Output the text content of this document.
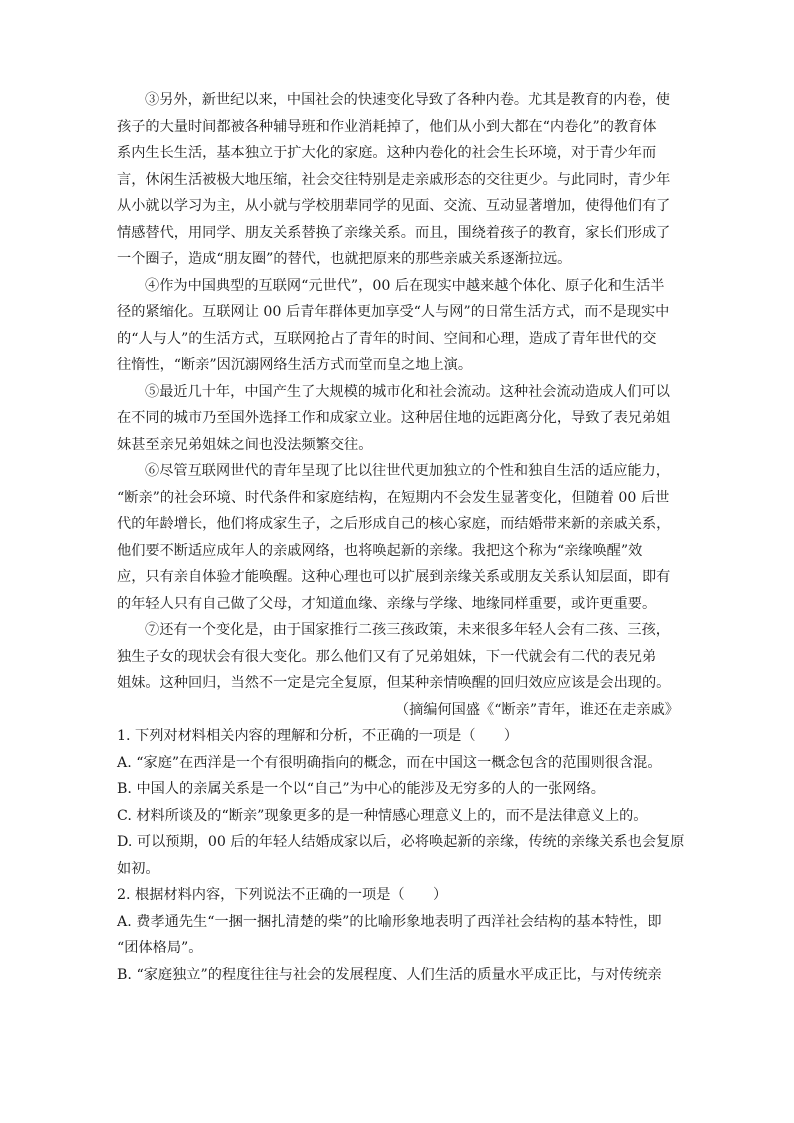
③另外，新世纪以来，中国社会的快速变化导致了各种内卷。尤其是教育的内卷，使
孩子的大量时间都被各种辅导班和作业消耗掉了，他们从小到大都在“内卷化”的教育体
系内生长生活，基本独立于扩大化的家庭。这种内卷化的社会生长环境，对于青少年而
言，休闲生活被极大地压缩，社会交往特别是走亲戚形态的交往更少。与此同时，青少年
从小就以学习为主，从小就与学校朋辈同学的见面、交流、互动显著增加，使得他们有了
情感替代，用同学、朋友关系替换了亲缘关系。而且，围绕着孩子的教育，家长们形成了
一个圈子，造成“朋友圈”的替代，也就把原来的那些亲戚关系逐渐拉远。
④作为中国典型的互联网“元世代”，00 后在现实中越来越个体化、原子化和生活半
径的紧缩化。互联网让 00 后青年群体更加享受“人与网”的日常生活方式，而不是现实中
的“人与人”的生活方式，互联网抢占了青年的时间、空间和心理，造成了青年世代的交
往惰性，“断亲”因沉溺网络生活方式而堂而皇之地上演。
⑤最近几十年，中国产生了大规模的城市化和社会流动。这种社会流动造成人们可以
在不同的城市乃至国外选择工作和成家立业。这种居住地的远距离分化，导致了表兄弟姐
妹甚至亲兄弟姐妹之间也没法频繁交往。
⑥尽管互联网世代的青年呈现了比以往世代更加独立的个性和独自生活的适应能力，
“断亲”的社会环境、时代条件和家庭结构，在短期内不会发生显著变化，但随着 00 后世
代的年龄增长，他们将成家生子，之后形成自己的核心家庭，而结婚带来新的亲戚关系，
他们要不断适应成年人的亲戚网络，也将唤起新的亲缘。我把这个称为“亲缘唤醒”效
应，只有亲自体验才能唤醒。这种心理也可以扩展到亲缘关系或朋友关系认知层面，即有
的年轻人只有自己做了父母，才知道血缘、亲缘与学缘、地缘同样重要，或许更重要。
⑦还有一个变化是，由于国家推行二孩三孩政策，未来很多年轻人会有二孩、三孩，
独生子女的现状会有很大变化。那么他们又有了兄弟姐妹，下一代就会有二代的表兄弟
姐妹。这种回归，当然不一定是完全复原，但某种亲情唤醒的回归效应应该是会出现的。
（摘编何国盛《“断亲”青年，谁还在走亲戚》
1. 下列对材料相关内容的理解和分析，不正确的一项是（　　）
A. “家庭”在西洋是一个有很明确指向的概念，而在中国这一概念包含的范围则很含混。
B. 中国人的亲属关系是一个以“自己”为中心的能涉及无穷多的人的一张网络。
C. 材料所谈及的“断亲”现象更多的是一种情感心理意义上的，而不是法律意义上的。
D. 可以预期，00 后的年轻人结婚成家以后，必将唤起新的亲缘，传统的亲缘关系也会复原
如初。
2. 根据材料内容，下列说法不正确的一项是（　　）
A. 费孝通先生“一捆一捆扎清楚的柴”的比喻形象地表明了西洋社会结构的基本特性，即
“团体格局”。
B. “家庭独立”的程度往往与社会的发展程度、人们生活的质量水平成正比，与对传统亲
